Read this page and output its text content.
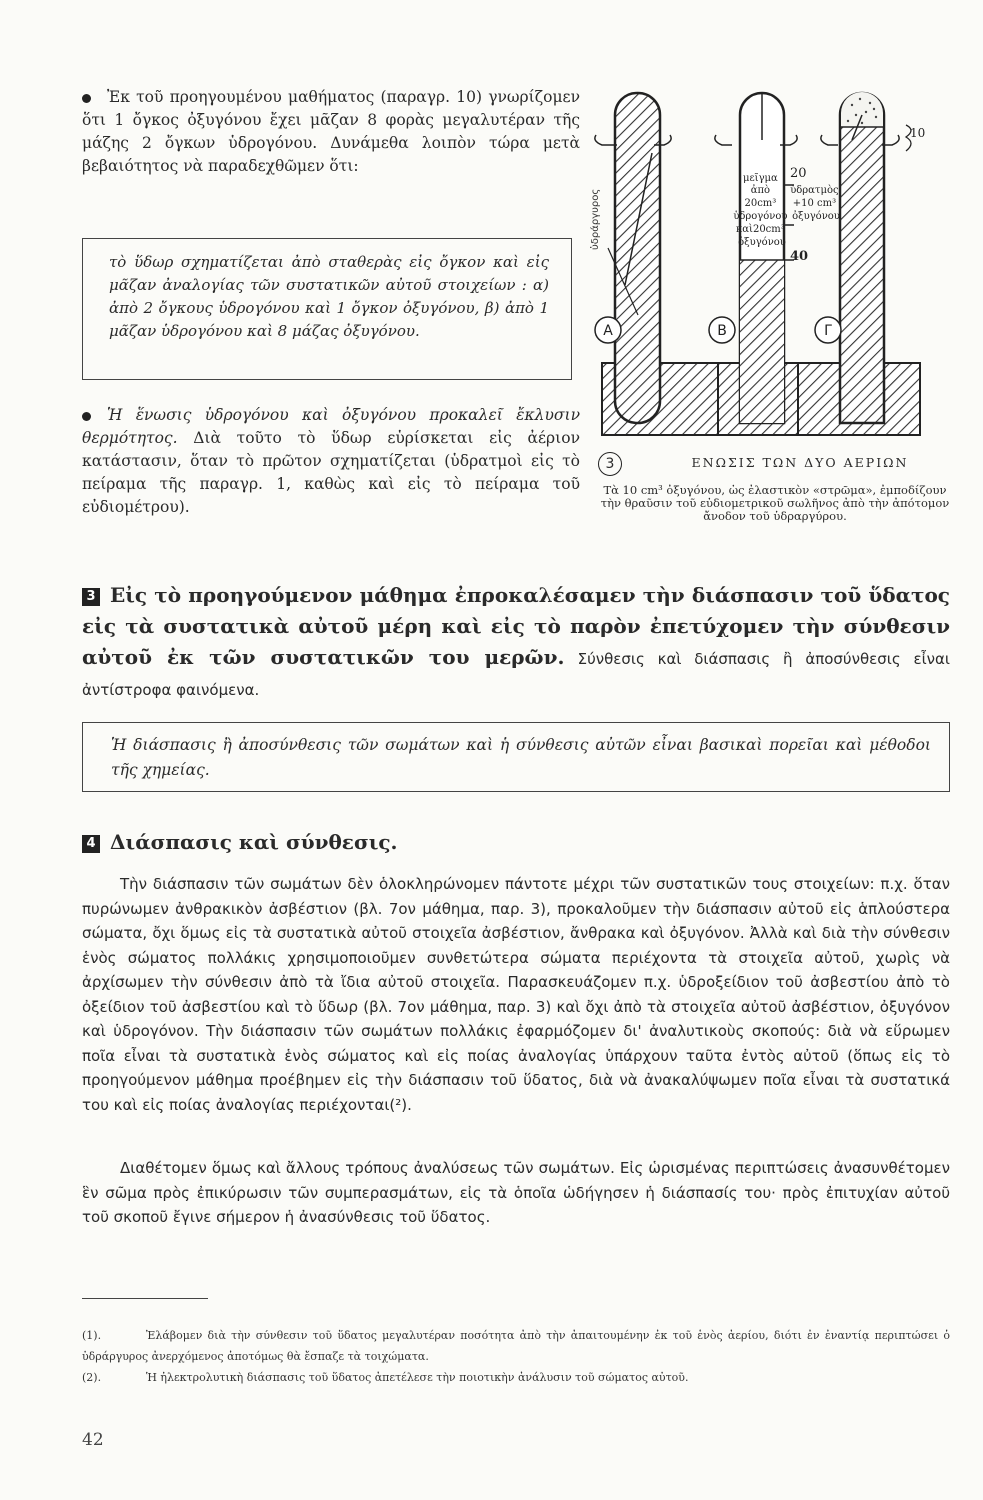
Ἐκ τοῦ προηγουμένου μαθήματος (παραγρ. 10) γνωρίζομεν ὅτι 1 ὄγκος ὀξυγόνου ἔχει μᾶζαν 8 φορὰς μεγαλυτέραν τῆς μάζης 2 ὄγκων ὑδρογόνου. Δυνάμεθα λοιπὸν τώρα μετὰ βεβαιότητος νὰ παραδεχθῶμεν ὅτι:
τὸ ὕδωρ σχηματίζεται ἀπὸ σταθερὰς εἰς ὄγκον καὶ εἰς μᾶζαν ἀναλογίας τῶν συστατικῶν αὐτοῦ στοιχείων : α) ἀπὸ 2 ὄγκους ὑδρογόνου καὶ 1 ὄγκον ὀξυγόνου, β) ἀπὸ 1 μᾶζαν ὑδρογόνου καὶ 8 μάζας ὀξυγόνου.
Ἡ ἕνωσις ὑδρογόνου καὶ ὀξυγόνου προκαλεῖ ἔκλυσιν θερμότητος. Διὰ τοῦτο τὸ ὕδωρ εὑρίσκεται εἰς ἀέριον κατάστασιν, ὅταν τὸ πρῶτον σχηματίζεται (ὑδρατμοὶ εἰς τὸ πείραμα τῆς παραγρ. 1, καθὼς καὶ εἰς τὸ πείραμα τοῦ εὐδιομέτρου).
ὑδράργυρος
μεῖγμα ἀπὸ 20cm³ ὑδρογόνου καὶ20cm³ ὀξυγόνου
20
40
10
ὑδρατμὸς +10 cm³ ὀξυγόνου
A	B	Γ
3	ΕΝΩΣΙΣ ΤΩΝ ΔΥΟ ΑΕΡΙΩΝ
Τὰ 10 cm³ ὀξυγόνου, ὡς ἐλαστικὸν «στρῶμα», ἐμποδίζουν τὴν θραῦσιν τοῦ εὐδιομετρικοῦ σωλῆνος ἀπὸ τὴν ἀπότομον ἄνοδον τοῦ ὑδραργύρου.
3 Εἰς τὸ προηγούμενον μάθημα ἐπροκαλέσαμεν τὴν διάσπασιν τοῦ ὕδατος εἰς τὰ συστατικὰ αὐτοῦ μέρη καὶ εἰς τὸ παρὸν ἐπετύχομεν τὴν σύνθεσιν αὐτοῦ ἐκ τῶν συστατικῶν του μερῶν. Σύνθεσις καὶ διάσπασις ἢ ἀποσύνθεσις εἶναι ἀντίστροφα φαινόμενα.
Ἡ διάσπασις ἢ ἀποσύνθεσις τῶν σωμάτων καὶ ἡ σύνθεσις αὐτῶν εἶναι βασικαὶ πορεῖαι καὶ μέθοδοι τῆς χημείας.
4 Διάσπασις καὶ σύνθεσις.
Τὴν διάσπασιν τῶν σωμάτων δὲν ὁλοκληρώνομεν πάντοτε μέχρι τῶν συστατικῶν τους στοιχείων: π.χ. ὅταν πυρώνωμεν ἀνθρακικὸν ἀσβέστιον (βλ. 7ον μάθημα, παρ. 3), προκαλοῦμεν τὴν διάσπασιν αὐτοῦ εἰς ἁπλούστερα σώματα, ὄχι ὅμως εἰς τὰ συστατικὰ αὐτοῦ στοιχεῖα ἀσβέστιον, ἄνθρακα καὶ ὀξυγόνον. Ἀλλὰ καὶ διὰ τὴν σύνθεσιν ἑνὸς σώματος πολλάκις χρησιμοποιοῦμεν συνθετώτερα σώματα περιέχοντα τὰ στοιχεῖα αὐτοῦ, χωρὶς νὰ ἀρχίσωμεν τὴν σύνθεσιν ἀπὸ τὰ ἴδια αὐτοῦ στοιχεῖα. Παρασκευάζομεν π.χ. ὑδροξείδιον τοῦ ἀσβεστίου ἀπὸ τὸ ὀξείδιον τοῦ ἀσβεστίου καὶ τὸ ὕδωρ (βλ. 7ον μάθημα, παρ. 3) καὶ ὄχι ἀπὸ τὰ στοιχεῖα αὐτοῦ ἀσβέστιον, ὀξυγόνον καὶ ὑδρογόνον. Τὴν διάσπασιν τῶν σωμάτων πολλάκις ἐφαρμόζομεν δι' ἀναλυτικοὺς σκοπούς: διὰ νὰ εὕρωμεν ποῖα εἶναι τὰ συστατικὰ ἑνὸς σώματος καὶ εἰς ποίας ἀναλογίας ὑπάρχουν ταῦτα ἐντὸς αὐτοῦ (ὅπως εἰς τὸ προηγούμενον μάθημα προέβημεν εἰς τὴν διάσπασιν τοῦ ὕδατος, διὰ νὰ ἀνακαλύψωμεν ποῖα εἶναι τὰ συστατικά του καὶ εἰς ποίας ἀναλογίας περιέχονται(²).
Διαθέτομεν ὅμως καὶ ἄλλους τρόπους ἀναλύσεως τῶν σωμάτων. Εἰς ὡρισμένας περιπτώσεις ἀνασυνθέτομεν ἓν σῶμα πρὸς ἐπικύρωσιν τῶν συμπερασμάτων, εἰς τὰ ὁποῖα ὡδήγησεν ἡ διάσπασίς του· πρὸς ἐπιτυχίαν αὐτοῦ τοῦ σκοποῦ ἔγινε σήμερον ἡ ἀνασύνθεσις τοῦ ὕδατος.
(1).	Ἐλάβομεν διὰ τὴν σύνθεσιν τοῦ ὕδατος μεγαλυτέραν ποσότητα ἀπὸ τὴν ἀπαιτουμένην ἐκ τοῦ ἑνὸς ἀερίου, διότι ἐν ἐναντίᾳ περιπτώσει ὁ ὑδράργυρος ἀνερχόμενος ἀποτόμως θὰ ἔσπαζε τὰ τοιχώματα.
(2).	Ἡ ἠλεκτρολυτικὴ διάσπασις τοῦ ὕδατος ἀπετέλεσε τὴν ποιοτικὴν ἀνάλυσιν τοῦ σώματος αὐτοῦ.
42
